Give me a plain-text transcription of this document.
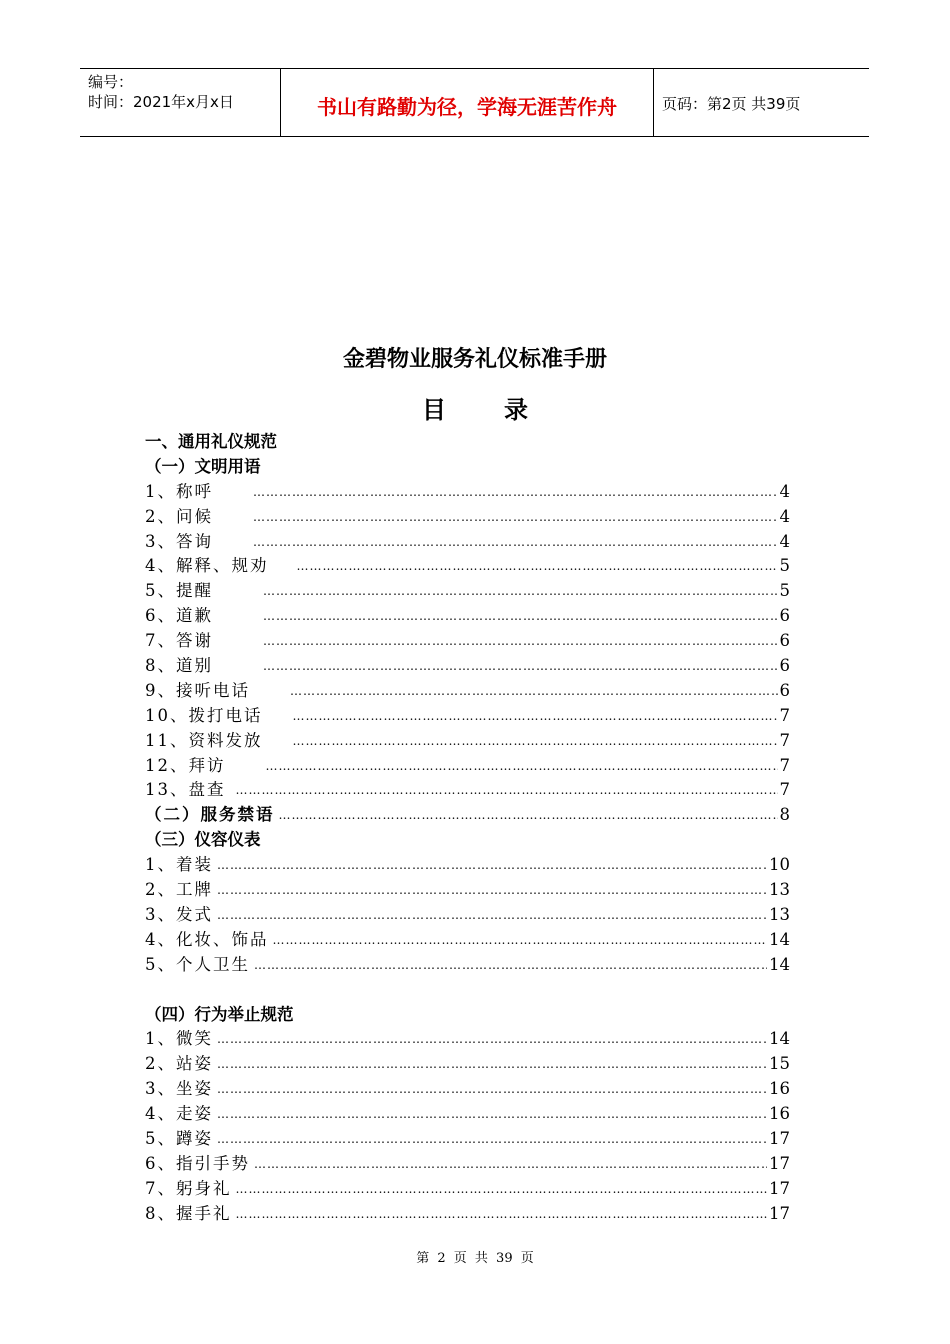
编号：
时间：2021年x月x日	书山有路勤为径，学海无涯苦作舟	页码：第2页 共39页
金碧物业服务礼仪标准手册
目录
一、通用礼仪规范
（一）文明用语
1、称呼 ……………………………………………………………………………………………………………………………………………………………………………………………………………………	4
2、问候 ……………………………………………………………………………………………………………………………………………………………………………………………………………………	4
3、答询 ……………………………………………………………………………………………………………………………………………………………………………………………………………………	4
4、解释、规劝 ……………………………………………………………………………………………………………………………………………………………………………………………………………………	5
5、提醒 ……………………………………………………………………………………………………………………………………………………………………………………………………………………	5
6、道歉 ……………………………………………………………………………………………………………………………………………………………………………………………………………………	6
7、答谢 ……………………………………………………………………………………………………………………………………………………………………………………………………………………	6
8、道别 ……………………………………………………………………………………………………………………………………………………………………………………………………………………	6
9、接听电话 ……………………………………………………………………………………………………………………………………………………………………………………………………………………	6
10、拨打电话 ……………………………………………………………………………………………………………………………………………………………………………………………………………………	7
11、资料发放 ……………………………………………………………………………………………………………………………………………………………………………………………………………………	7
12、拜访 ……………………………………………………………………………………………………………………………………………………………………………………………………………………	7
13、盘查 ……………………………………………………………………………………………………………………………………………………………………………………………………………………	7
（二）服务禁语 ……………………………………………………………………………………………………………………………………………………………………………………………………………………	8
（三）仪容仪表
1、着装 ……………………………………………………………………………………………………………………………………………………………………………………………………………………	10
2、工牌 ……………………………………………………………………………………………………………………………………………………………………………………………………………………	13
3、发式 ……………………………………………………………………………………………………………………………………………………………………………………………………………………	13
4、化妆、饰品 ……………………………………………………………………………………………………………………………………………………………………………………………………………………	14
5、个人卫生 ……………………………………………………………………………………………………………………………………………………………………………………………………………………	14
（四）行为举止规范
1、微笑 ……………………………………………………………………………………………………………………………………………………………………………………………………………………	14
2、站姿 ……………………………………………………………………………………………………………………………………………………………………………………………………………………	15
3、坐姿 ……………………………………………………………………………………………………………………………………………………………………………………………………………………	16
4、走姿 ……………………………………………………………………………………………………………………………………………………………………………………………………………………	16
5、蹲姿 ……………………………………………………………………………………………………………………………………………………………………………………………………………………	17
6、指引手势 ……………………………………………………………………………………………………………………………………………………………………………………………………………………	17
7、躬身礼 ……………………………………………………………………………………………………………………………………………………………………………………………………………………	17
8、握手礼 ……………………………………………………………………………………………………………………………………………………………………………………………………………………	17
第 2 页 共 39 页
